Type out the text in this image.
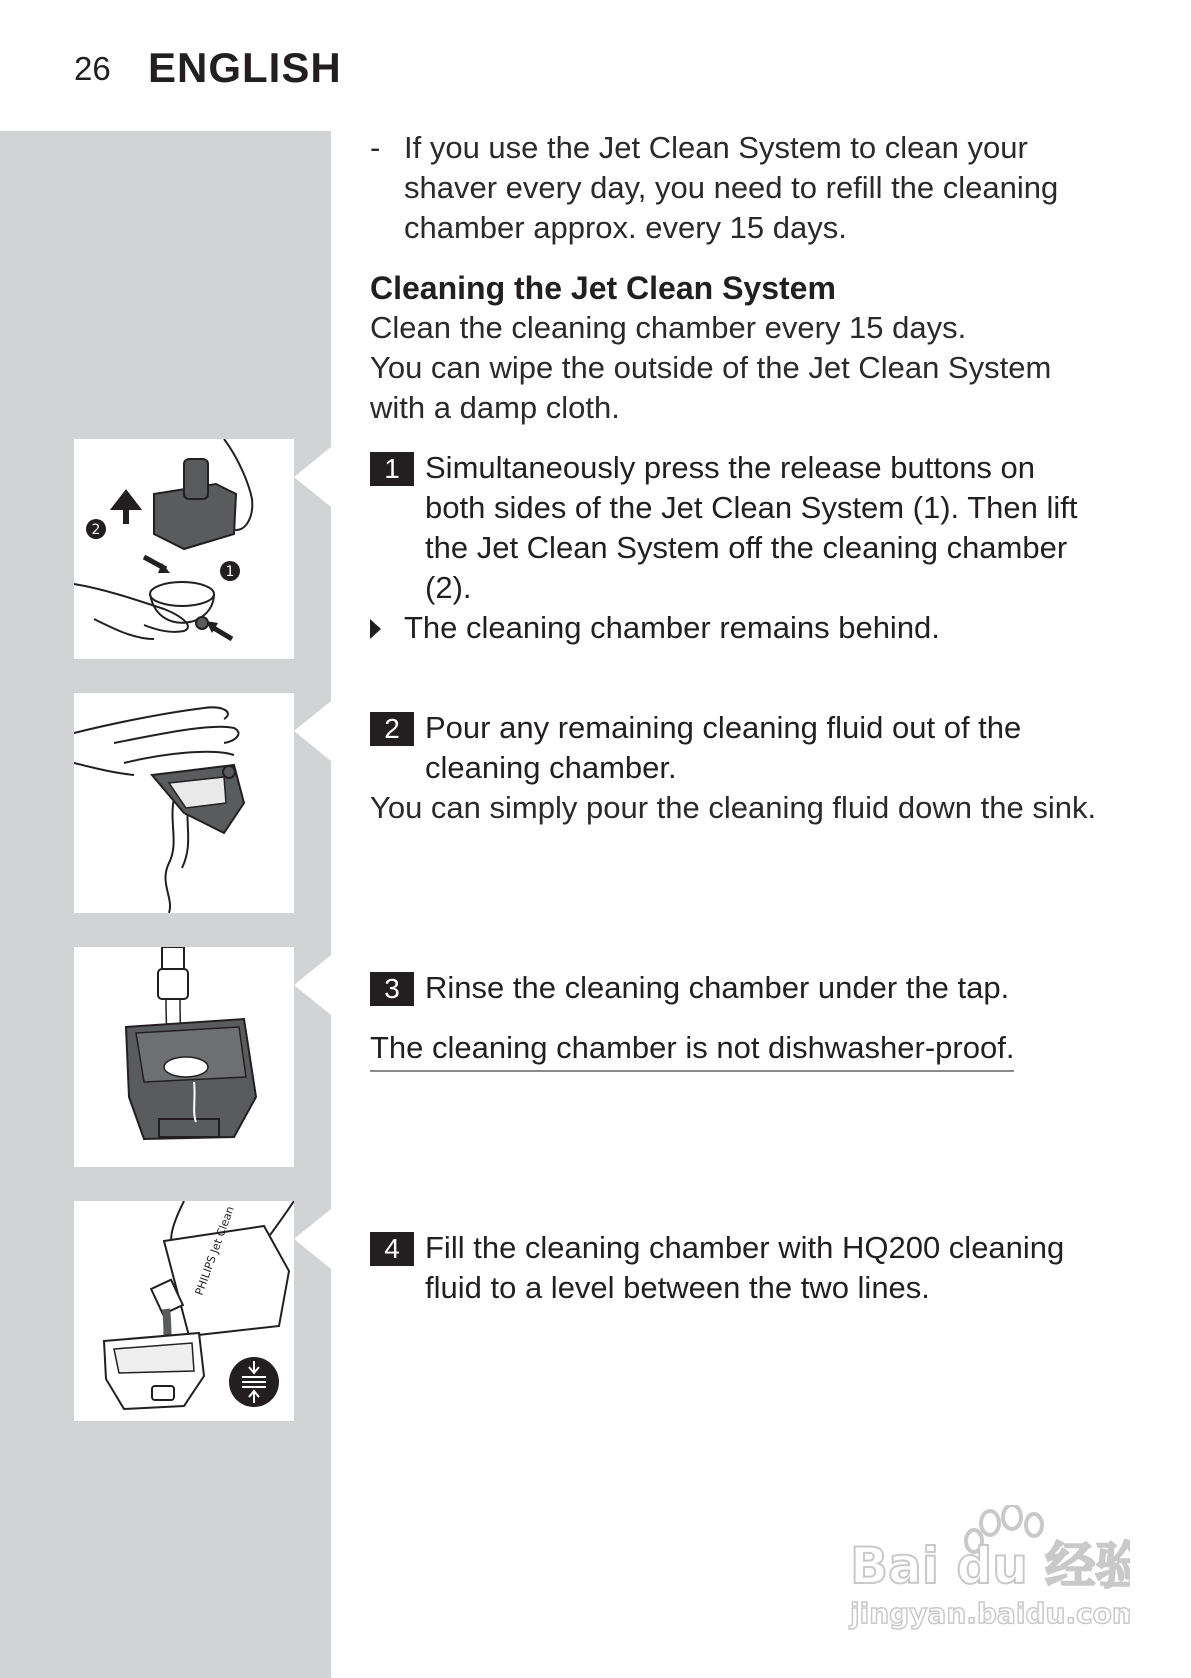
26 ENGLISH
2
1
PHILIPS Jet Clean
- If you use the Jet Clean System to clean your
shaver every day, you need to refill the cleaning
chamber approx. every 15 days.
Cleaning the Jet Clean System
Clean the cleaning chamber every 15 days.
You can wipe the outside of the Jet Clean System
with a damp cloth.
1 Simultaneously press the release buttons on
both sides of the Jet Clean System (1). Then lift
the Jet Clean System off the cleaning chamber
(2).
The cleaning chamber remains behind.
2 Pour any remaining cleaning fluid out of the
cleaning chamber.
You can simply pour the cleaning fluid down the sink.
3 Rinse the cleaning chamber under the tap.
The cleaning chamber is not dishwasher-proof.
4 Fill the cleaning chamber with HQ200 cleaning
fluid to a level between the two lines.
Bai du 经验
jingyan.baidu.com
